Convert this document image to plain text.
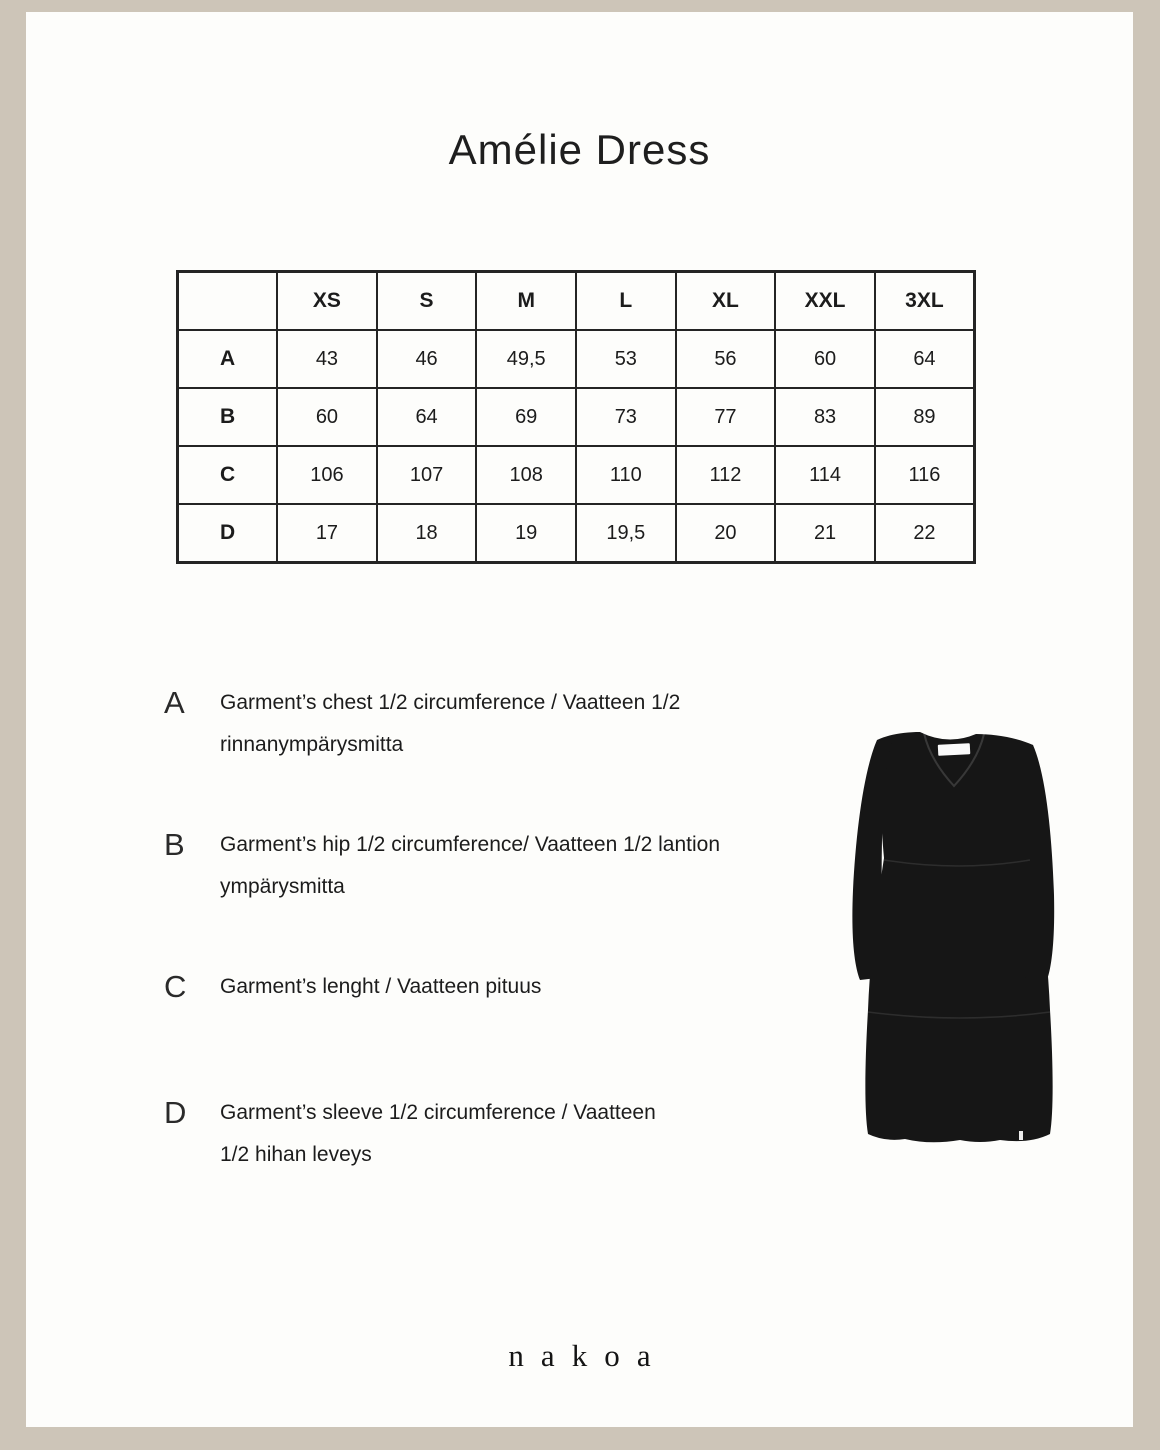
Amélie Dress
	XS	S	M	L	XL	XXL	3XL
A	43	46	49,5	53	56	60	64
B	60	64	69	73	77	83	89
C	106	107	108	110	112	114	116
D	17	18	19	19,5	20	21	22
A	Garment’s chest 1/2 circumference / Vaatteen 1/2
rinnanympärysmitta
B	Garment’s hip 1/2 circumference/ Vaatteen 1/2 lantion
ympärysmitta
C	Garment’s lenght / Vaatteen pituus
D	Garment’s sleeve 1/2 circumference / Vaatteen
1/2 hihan leveys
nakoa
